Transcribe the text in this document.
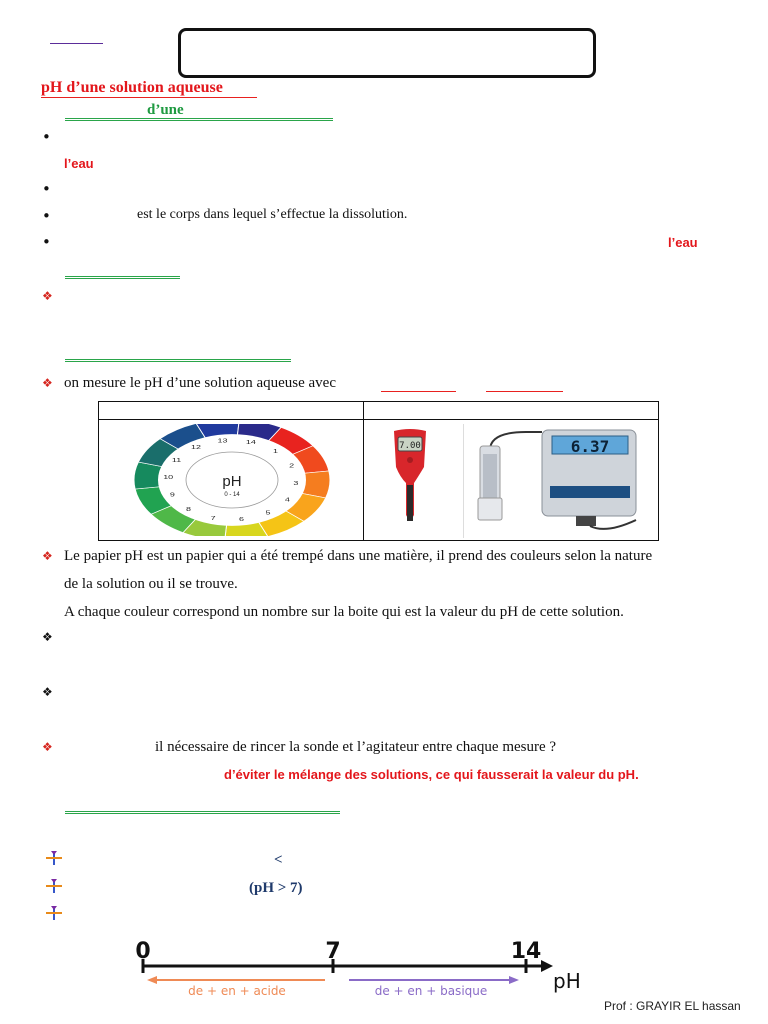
pH d’une solution aqueuse
d’une
•
l’eau
•
•	est le corps dans lequel s’effectue la dissolution.
•	l’eau
❖
❖ on mesure le pH d’une solution aqueuse avec
1
2
3
4
5
6
7
8
9
10
11
12
13 14
pH
0 - 14
7.00	6.37
❖ Le papier pH est un papier qui a été trempé dans une matière, il prend des couleurs selon la nature
de la solution ou il se trouve.
A chaque couleur correspond un nombre sur la boite qui est la valeur du pH de cette solution.
❖
❖
❖	il nécessaire de rincer la sonde et l’agitateur entre chaque mesure ?
d’éviter le mélange des solutions, ce qui fausserait la valeur du pH.
<
(pH > 7)
0	7	14
pH
de + en + acide	de + en + basique
Prof : GRAYIR EL hassan
